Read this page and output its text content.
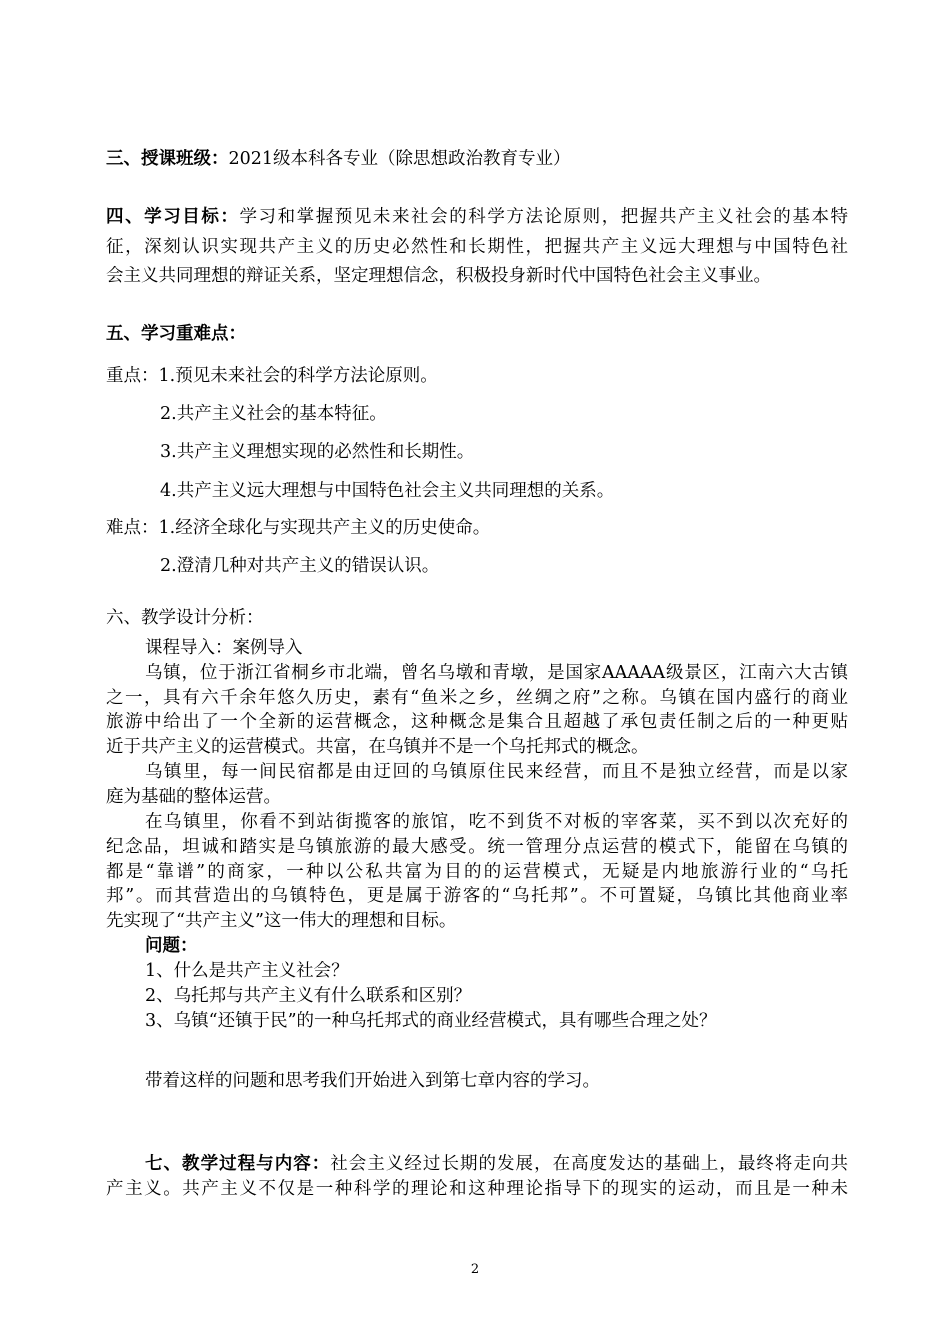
三、授课班级：2021级本科各专业（除思想政治教育专业）
四、学习目标：学习和掌握预见未来社会的科学方法论原则，把握共产主义社会的基本特
征，深刻认识实现共产主义的历史必然性和长期性，把握共产主义远大理想与中国特色社
会主义共同理想的辩证关系，坚定理想信念，积极投身新时代中国特色社会主义事业。
五、学习重难点：
重点：1.预见未来社会的科学方法论原则。
2.共产主义社会的基本特征。
3.共产主义理想实现的必然性和长期性。
4.共产主义远大理想与中国特色社会主义共同理想的关系。
难点：1.经济全球化与实现共产主义的历史使命。
2.澄清几种对共产主义的错误认识。
六、教学设计分析：
课程导入：案例导入
乌镇，位于浙江省桐乡市北端，曾名乌墩和青墩，是国家AAAAA级景区，江南六大古镇
之一，具有六千余年悠久历史，素有“鱼米之乡，丝绸之府”之称。乌镇在国内盛行的商业
旅游中给出了一个全新的运营概念，这种概念是集合且超越了承包责任制之后的一种更贴
近于共产主义的运营模式。共富，在乌镇并不是一个乌托邦式的概念。
乌镇里，每一间民宿都是由迂回的乌镇原住民来经营，而且不是独立经营，而是以家
庭为基础的整体运营。
在乌镇里，你看不到站街揽客的旅馆，吃不到货不对板的宰客菜，买不到以次充好的
纪念品，坦诚和踏实是乌镇旅游的最大感受。统一管理分点运营的模式下，能留在乌镇的
都是“靠谱”的商家，一种以公私共富为目的的运营模式，无疑是内地旅游行业的“乌托
邦”。而其营造出的乌镇特色，更是属于游客的“乌托邦”。不可置疑，乌镇比其他商业率
先实现了“共产主义”这一伟大的理想和目标。
问题：
1、什么是共产主义社会？
2、乌托邦与共产主义有什么联系和区别？
3、乌镇“还镇于民”的一种乌托邦式的商业经营模式，具有哪些合理之处？
带着这样的问题和思考我们开始进入到第七章内容的学习。
七、教学过程与内容：社会主义经过长期的发展，在高度发达的基础上，最终将走向共
产主义。共产主义不仅是一种科学的理论和这种理论指导下的现实的运动，而且是一种未
2
